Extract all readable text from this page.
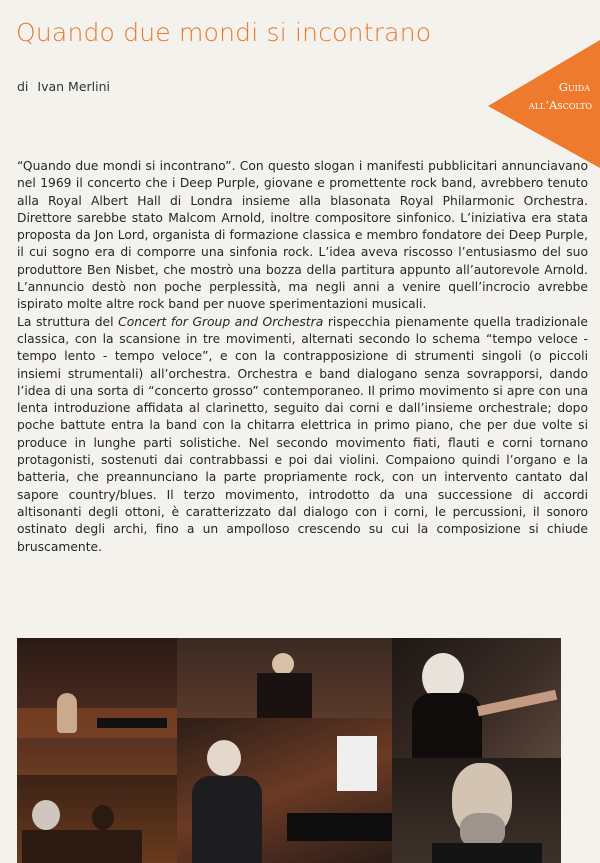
Quando due mondi si incontrano
di Ivan Merlini	Guida
all’Ascolto

“Quando due mondi si incontrano”. Con questo slogan i manifesti pubblicitari annunciavano nel 1969 il concerto che i Deep Purple, giovane e promettente rock band, avrebbero tenuto alla Royal Albert Hall di Londra insieme alla blasonata Royal Philarmonic Orchestra. Direttore sarebbe stato Malcom Arnold, inoltre compositore sinfonico. L’iniziativa era stata proposta da Jon Lord, organista di formazione classica e membro fondatore dei Deep Purple, il cui sogno era di comporre una sinfonia rock. L’idea aveva riscosso l’entusiasmo del suo produttore Ben Nisbet, che mostrò una bozza della partitura appunto all’autorevole Arnold. L’annuncio destò non poche perplessità, ma negli anni a venire quell’incrocio avrebbe ispirato molte altre rock band per nuove sperimentazioni musicali.

La struttura del Concert for Group and Orchestra rispecchia pienamente quella tradizionale classica, con la scansione in tre movimenti, alternati secondo lo schema “tempo veloce - tempo lento - tempo veloce”, e con la contrapposizione di strumenti singoli (o piccoli insiemi strumentali) all’orchestra. Orchestra e band dialogano senza sovrapporsi, dando l’idea di una sorta di “concerto grosso” contemporaneo. Il primo movimento si apre con una lenta introduzione affidata al clarinetto, seguito dai corni e dall’insieme orchestrale; dopo poche battute entra la band con la chitarra elettrica in primo piano, che per due volte si produce in lunghe parti solistiche. Nel secondo movimento fiati, flauti e corni tornano protagonisti, sostenuti dai contrabbassi e poi dai violini. Compaiono quindi l’organo e la batteria, che preannunciano la parte propriamente rock, con un intervento cantato dal sapore country/blues. Il terzo movimento, introdotto da una successione di accordi altisonanti degli ottoni, è caratterizzato dal dialogo con i corni, le percussioni, il sonoro ostinato degli archi, fino a un ampolloso crescendo su cui la composizione si chiude bruscamente.
